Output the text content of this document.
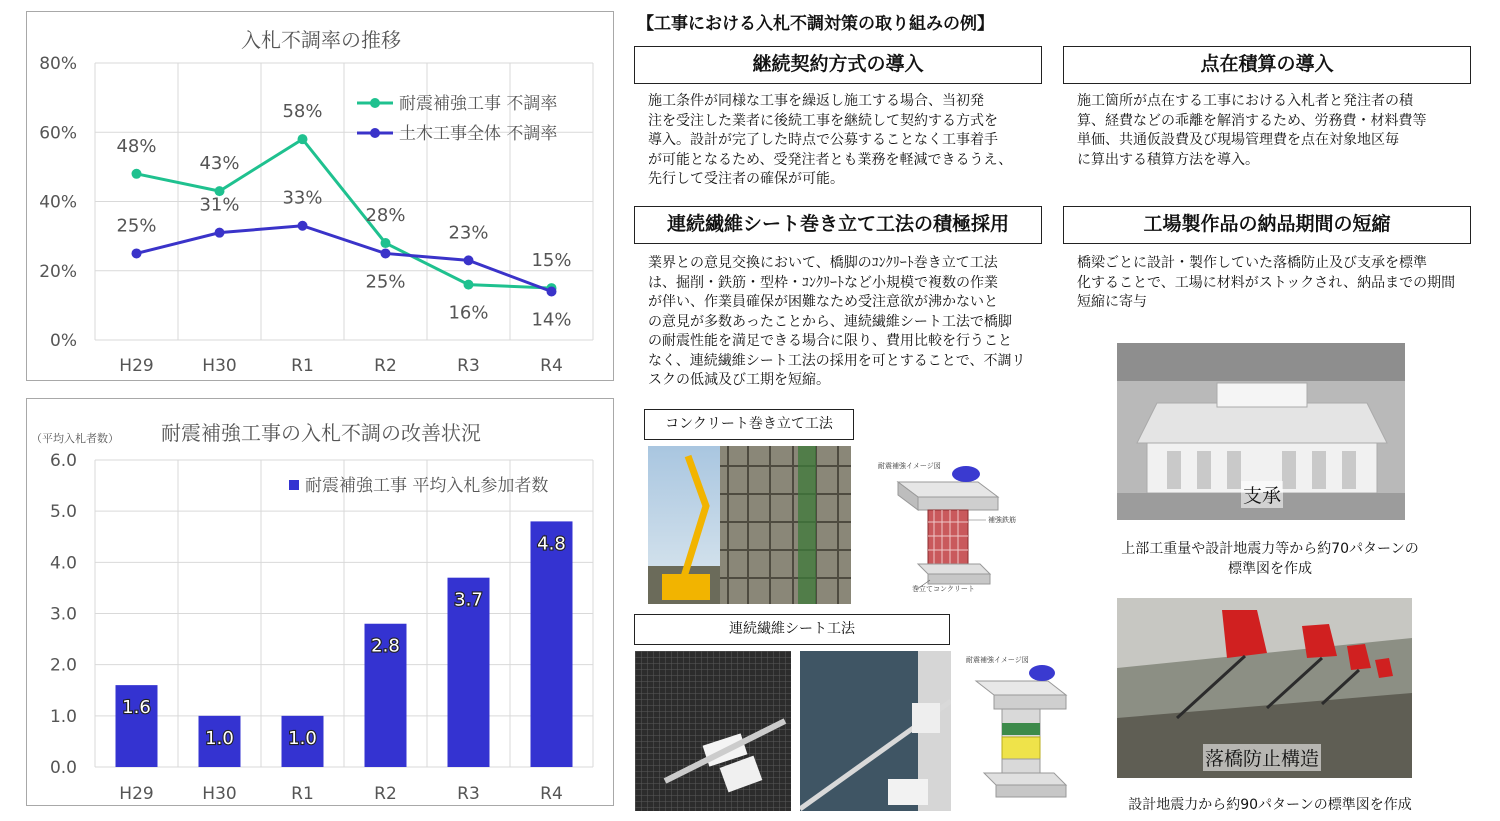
入札不調率の推移
0%
20%
40%
60%
80%
H29	H30	R1	R2	R3	R4
48%
43%
58%
28%
16%
15%
25%
31% 33%
25%
23%
14%
耐震補強工事 不調率
土木工事全体 不調率
（平均入札者数） 耐震補強工事の入札不調の改善状況
0.0
1.0
2.0
3.0
4.0
5.0
6.0
H29	H30	R1	R2	R3	R4
1.6
1.0	1.0
2.8
3.7
4.8
耐震補強工事 平均入札参加者数
【工事における入札不調対策の取り組みの例】
継続契約方式の導入
施工条件が同様な工事を繰返し施工する場合、当初発
注を受注した業者に後続工事を継続して契約する方式を
導入。設計が完了した時点で公募することなく工事着手
が可能となるため、受発注者とも業務を軽減できるうえ、
先行して受注者の確保が可能。
点在積算の導入
施工箇所が点在する工事における入札者と発注者の積
算、経費などの乖離を解消するため、労務費・材料費等
単価、共通仮設費及び現場管理費を点在対象地区毎
に算出する積算方法を導入。
連続繊維シート巻き立て工法の積極採用
業界との意見交換において、橋脚のｺﾝｸﾘｰﾄ巻き立て工法
は、掘削・鉄筋・型枠・ｺﾝｸﾘｰﾄなど小規模で複数の作業
が伴い、作業員確保が困難なため受注意欲が沸かないと
の意見が多数あったことから、連続繊維シート工法で橋脚
の耐震性能を満足できる場合に限り、費用比較を行うこと
なく、連続繊維シート工法の採用を可とすることで、不調リ
スクの低減及び工期を短縮。
工場製作品の納品期間の短縮
橋梁ごとに設計・製作していた落橋防止及び支承を標準
化することで、工場に材料がストックされ、納品までの期間
短縮に寄与
コンクリート巻き立て工法
耐震補強イメージ図
補強鉄筋
巻立てコンクリート
連続繊維シート工法
耐震補強イメージ図
支承
上部工重量や設計地震力等から約70パターンの
標準図を作成
落橋防止構造
設計地震力から約90パターンの標準図を作成
